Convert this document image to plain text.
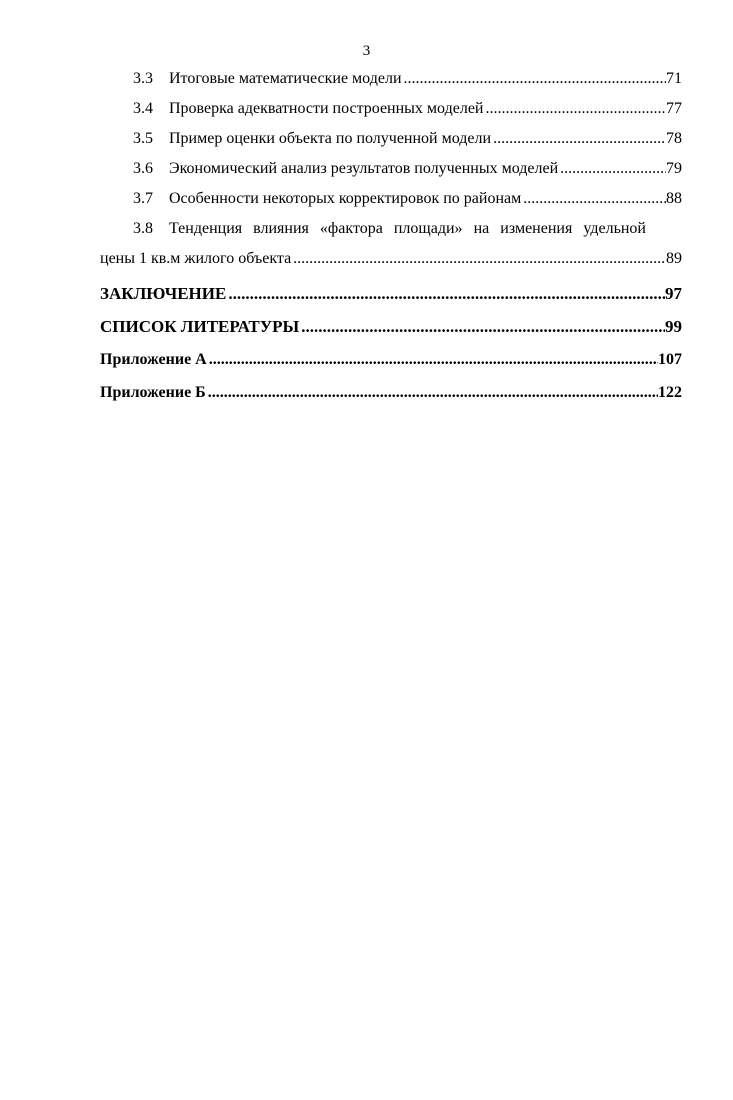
3
3.3	Итоговые математические модели .....	71
3.4	Проверка адекватности построенных моделей .....	77
3.5	Пример оценки объекта по полученной модели .....	78
3.6	Экономический анализ результатов полученных моделей .....	79
3.7	Особенности некоторых корректировок по районам .....	88
3.8	Тенденция влияния «фактора площади» на изменения удельной
цены 1 кв.м жилого объекта .....	89
ЗАКЛЮЧЕНИЕ .....	97
СПИСОК ЛИТЕРАТУРЫ .....	99
Приложение А .....	107
Приложение Б .....	122
